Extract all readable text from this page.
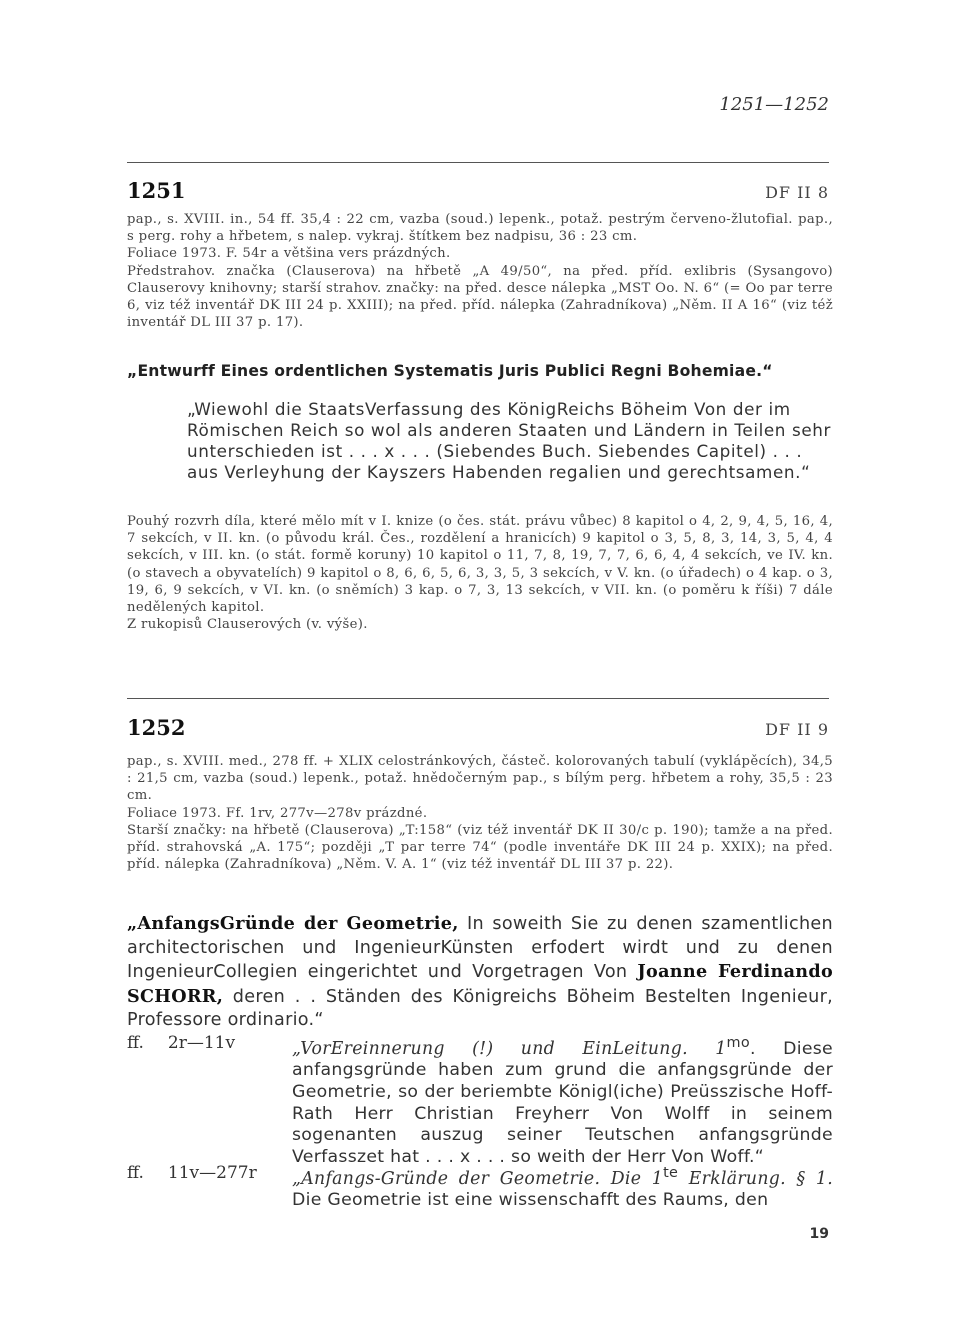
1251—1252
1251	DF II 8

pap., s. XVIII. in., 54 ff. 35,4 : 22 cm, vazba (soud.) lepenk., potaž. pestrým červeno-žlutofial. pap., s perg. rohy a hřbetem, s nalep. vykraj. štítkem bez nadpisu, 36 : 23 cm.

Foliace 1973. F. 54r a většina vers prázdných.

Předstrahov. značka (Clauserova) na hřbetě „A 49/50“, na před. příd. exlibris (Sysangovo) Clauserovy knihovny; starší strahov. značky: na před. desce nálepka „MST Oo. N. 6“ (= Oo par terre 6, viz též inventář DK III 24 p. XXIII); na před. příd. nálepka (Zahradníkova) „Něm. II A 16“ (viz též inventář DL III 37 p. 17).

„Entwurff Eines ordentlichen Systematis Juris Publici Regni Bohemiae.“
„Wiewohl die StaatsVerfassung des KönigReichs Böheim Von der im Römischen Reich so wol als anderen Staaten und Ländern in Teilen sehr unterschieden ist . . . x . . . (Siebendes Buch. Siebendes Capitel) . . . aus Verleyhung der Kayszers Habenden regalien und gerechtsamen.“

Pouhý rozvrh díla, které mělo mít v I. knize (o čes. stát. právu vůbec) 8 kapitol o 4, 2, 9, 4, 5, 16, 4, 7 sekcích, v II. kn. (o původu král. Čes., rozdělení a hranicích) 9 kapitol o 3, 5, 8, 3, 14, 3, 5, 4, 4 sekcích, v III. kn. (o stát. formě koruny) 10 kapitol o 11, 7, 8, 19, 7, 7, 6, 6, 4, 4 sekcích, ve IV. kn. (o stavech a obyvatelích) 9 kapitol o 8, 6, 6, 5, 6, 3, 3, 5, 3 sekcích, v V. kn. (o úřadech) o 4 kap. o 3, 19, 6, 9 sekcích, v VI. kn. (o sněmích) 3 kap. o 7, 3, 13 sekcích, v VII. kn. (o poměru k říši) 7 dále nedělených kapitol.

Z rukopisů Clauserových (v. výše).

1252	DF II 9

pap., s. XVIII. med., 278 ff. + XLIX celostránkových, částeč. kolorovaných tabulí (vyklápěcích), 34,5 : 21,5 cm, vazba (soud.) lepenk., potaž. hnědočerným pap., s bílým perg. hřbetem a rohy, 35,5 : 23 cm.

Foliace 1973. Ff. 1rv, 277v—278v prázdné.

Starší značky: na hřbetě (Clauserova) „T:158“ (viz též inventář DK II 30/c p. 190); tamže a na před. příd. strahovská „A. 175“; později „T par terre 74“ (podle inventáře DK III 24 p. XXIX); na před. příd. nálepka (Zahradníkova) „Něm. V. A. 1“ (viz též inventář DL III 37 p. 22).

„AnfangsGründe der Geometrie, In soweith Sie zu denen szamentlichen architectorischen und IngenieurKünsten erfodert wirdt und zu denen IngenieurCollegien eingerichtet und Vorgetragen Von Joanne Ferdinando SCHORR, deren . . Ständen des Königreichs Böheim Bestelten Ingenieur, Professore ordinario.“
ff. 2r—11v	„VorEreinnerung (!) und EinLeitung. $1^{mo}$. Diese anfangsgründe haben zum grund die anfangsgründe der Geometrie, so der beriembte Königl(iche) Preüsszische Hoff-Rath Herr Christian Freyherr Von Wolff in seinem sogenanten auszug seiner Teutschen anfangsgründe Verfasszet hat . . . x . . . so weith der Herr Von Woff.“
ff. 11v—277r „Anfangs-Gründe der Geometrie. Die $1^{te}$ Erklärung. § 1. Die Geometrie ist eine wissenschafft des Raums, den
19
